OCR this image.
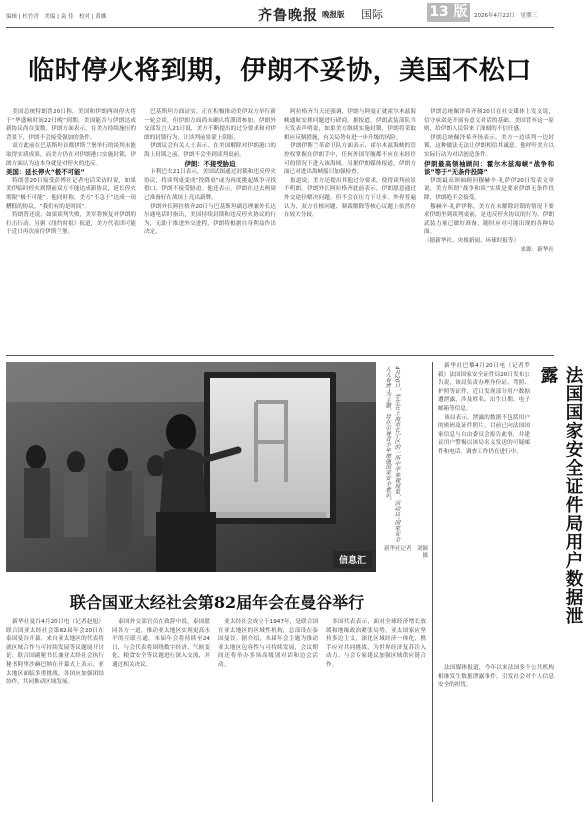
编辑 | 杜竹青　美编 | 袁 佳　校对 | 黄娜	齐鲁晚报 晚报版 国际	13 版	2026年4月22日　星期三
临时停火将到期，伊朗不妥协，美国不松口

美国总统特朗普20日称，美国和伊朗两周停火将于“华盛顿时间22日晚”到期，美国能否与伊朗达成新协议尚存变数。伊朗方面表示，在美方持续施压的背景下，伊朗不会接受强加的条件。

双方此前在巴基斯坦首都伊斯兰堡举行的谈判未能取得实质成果，而美方仍在对伊朗港口实施封锁，伊朗方面认为这本身就是对停火的违反。

美国：延长停火“极不可能”

特朗普20日接受彭博社记者电话采访时说，如果美伊临时停火到期前双方不能达成新协议，延长停火期限“极不可能”。他同时称，美方“不急于”达成一项糟糕的协议，“我们有的是时间”。

特朗普还说，如果谈判失败，美军将恢复对伊朗的打击行动。另据《纽约时报》报道，美方代表团可能于近日再次前往伊斯兰堡。

巴基斯坦方面证实，正在积极推动美伊双方举行新一轮会谈，但伊朗方面尚未确认将派团参加。伊朗外交部发言人21日说，美方不断提出的过分要求和对伊朗的封锁行为，让谈判前景蒙上阴影。

伊朗议会有关人士表示，在美国解除对伊朗港口的海上封锁之前，伊朗不会坐到谈判桌前。

伊朗：不接受胁迫

卡利巴夫21日表示，美国试图通过封锁和违反停火协议，将谈判桌变成“投降桌”或为再度挑起战争寻找借口，伊朗不接受胁迫。他还表示，伊朗在过去两周已准备好在战场上亮出新牌。

伊朗外长阿拉格齐20日与巴基斯坦副总理兼外长达尔通电话时指出，美国持续封锁和违反停火协议的行为，无助于推进外交进程，伊朗将根据自身利益作出决定。

阿拉格齐当天还强调，伊朗与阿曼正就霍尔木兹海峡通航安排问题进行磋商。据报道，伊朗武装部队当天发表声明说，如果美方继续实施封锁，伊朗将采取相应反制措施，有关局势有进一步升级的风险。

伊朗伊斯兰革命卫队方面表示，霍尔木兹海峡的管控权掌握在伊朗手中，任何外国军舰都不应在未经许可的情况下进入该海域。另据伊朗媒体报道，伊朗方面已对进出海峡船只加强检查。

报道说，美方还提出其他过分要求，使得谈判前景不明朗。伊朗外长阿拉格齐此前表示，伊朗愿意通过外交途径解决问题，但不会在压力下让步。外界普遍认为，双方在核问题、制裁解除等核心议题上依然存在较大分歧。

伊朗总统佩泽希齐扬20日在社交媒体上发文说，信守承诺是开展有意义对话的基础。美国背弃这一原则，给伊朗人民带来了深刻的不信任感。

伊朗总统佩泽希齐扬表示，美方一边谈判一边封锁，这种做法无法让伊朗相信其诚意。他呼吁美方以实际行动为对话创造条件。

伊朗最高领袖顾问：霍尔木兹海峡“战争和谈”等于“无条件投降”

伊朗最高领袖顾问穆赫辛·礼萨伊20日发表文章说，美方所谓“战争和谈”实质是要求伊朗无条件投降，伊朗绝不会接受。

穆赫辛·礼萨伊称，美方在未解除封锁的情况下要求伊朗坐到谈判桌前，是违反停火协议的行为。伊朗武装力量已做好准备，随时应对可能出现的各种局面。

（据新华社、央视新闻、环球时报等）

来源：新华社

信息汇
4月20日，学生在上海市长宁区的一所中学参观展览，活动以“国家安全人人有责”为主题，旨在引导青少年增强国家安全意识。
新华社记者　刘颖　摄	法国国家安全证件局用户数据泄露

新华社巴黎4月20日电（记者罗毅）法国国家安全证件局20日发布公告说，该局负责办理身份证、驾照、护照等证件，近日发现部分用户数据遭泄露，涉及姓名、出生日期、电子邮箱等信息。

该局表示，泄露的数据不包括用户的密码及证件照片，目前已向法国国家信息与自由委员会报告此事，并建议用户警惕以该局名义发送的可疑邮件和电话。调查工作仍在进行中。

法国媒体报道，今年以来法国多个公共机构相继发生数据泄露事件，引发社会对个人信息安全的担忧。

联合国亚太经社会第82届年会在曼谷举行

新华社曼谷4月20日电（记者赵旭）联合国亚太经社会第82届年会20日在泰国曼谷开幕，来自亚太地区的代表将就区域合作与可持续发展等议题展开讨论。联合国副秘书长兼亚太经社会执行秘书阿里沙赫巴纳在开幕式上表示，亚太地区面临多重挑战，各国应加强团结协作，共同推动区域发展。

泰国外交部官员在致辞中说，泰国愿同各方一道，推动亚太地区实现更高水平的互联互通。本届年会将持续至24日，与会代表将围绕数字经济、气候变化、粮食安全等议题进行深入交流，并通过相关决议。

亚太经社会成立于1947年，是联合国在亚太地区的区域性机构，总部设在泰国曼谷。据介绍，本届年会主题为推动亚太地区包容性与可持续发展，会议期间还将举办多场高级别对话和边会活动。

多国代表表示，面对全球经济增长放缓和地缘政治紧张局势，亚太国家应坚持多边主义，深化区域经济一体化，携手应对共同挑战，为世界经济复苏注入动力。与会专家建议加强区域供应链合作。
